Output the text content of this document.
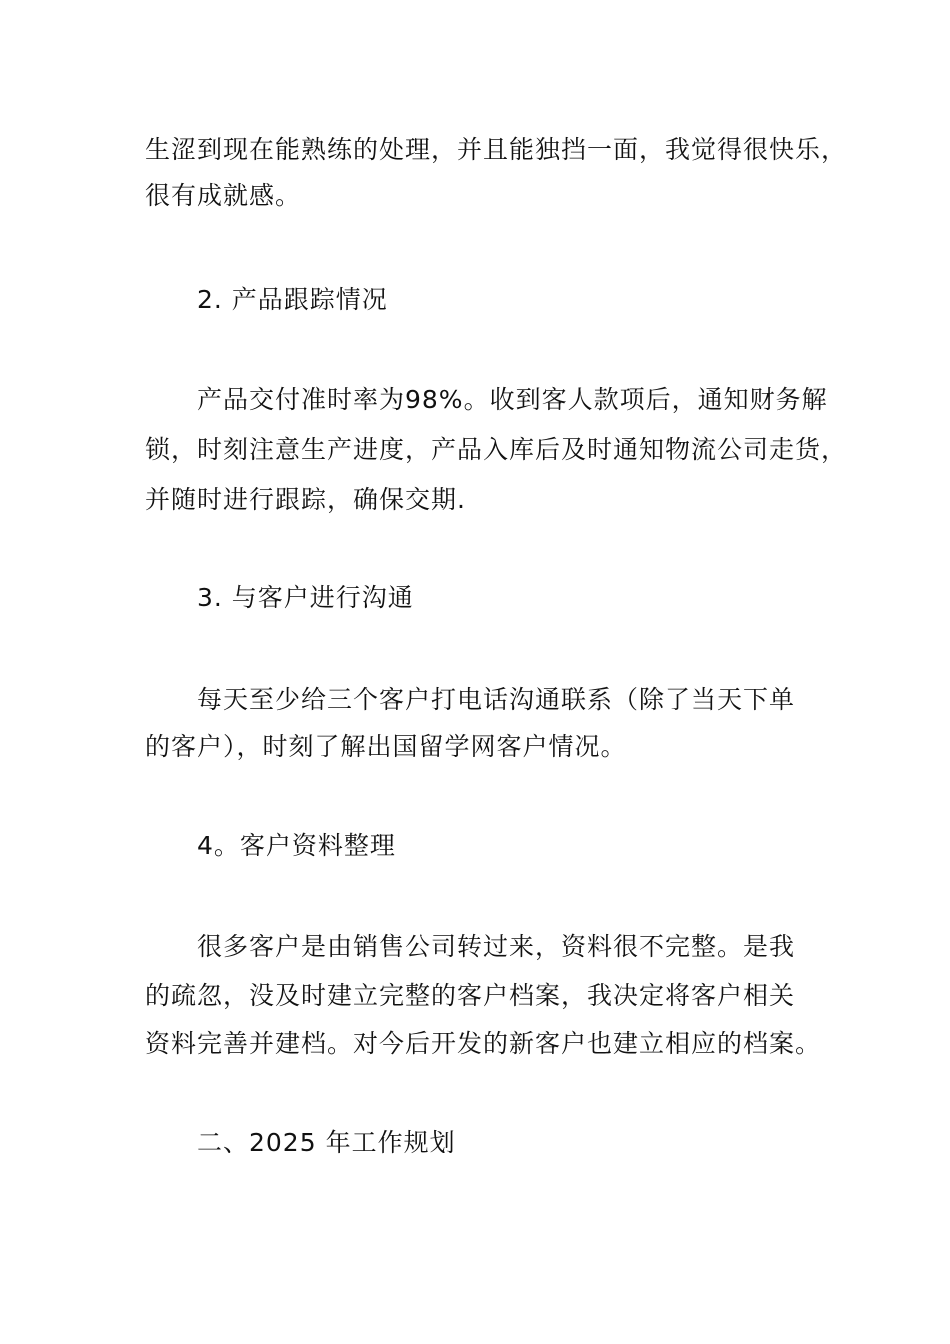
生涩到现在能熟练的处理，并且能独挡一面，我觉得很快乐，
很有成就感。
2. 产品跟踪情况
产品交付准时率为98%。收到客人款项后，通知财务解
锁，时刻注意生产进度，产品入库后及时通知物流公司走货，
并随时进行跟踪，确保交期.
3. 与客户进行沟通
每天至少给三个客户打电话沟通联系（除了当天下单
的客户），时刻了解出国留学网客户情况。
4。客户资料整理
很多客户是由销售公司转过来，资料很不完整。是我
的疏忽，没及时建立完整的客户档案，我决定将客户相关
资料完善并建档。对今后开发的新客户也建立相应的档案。
二、2025 年工作规划
